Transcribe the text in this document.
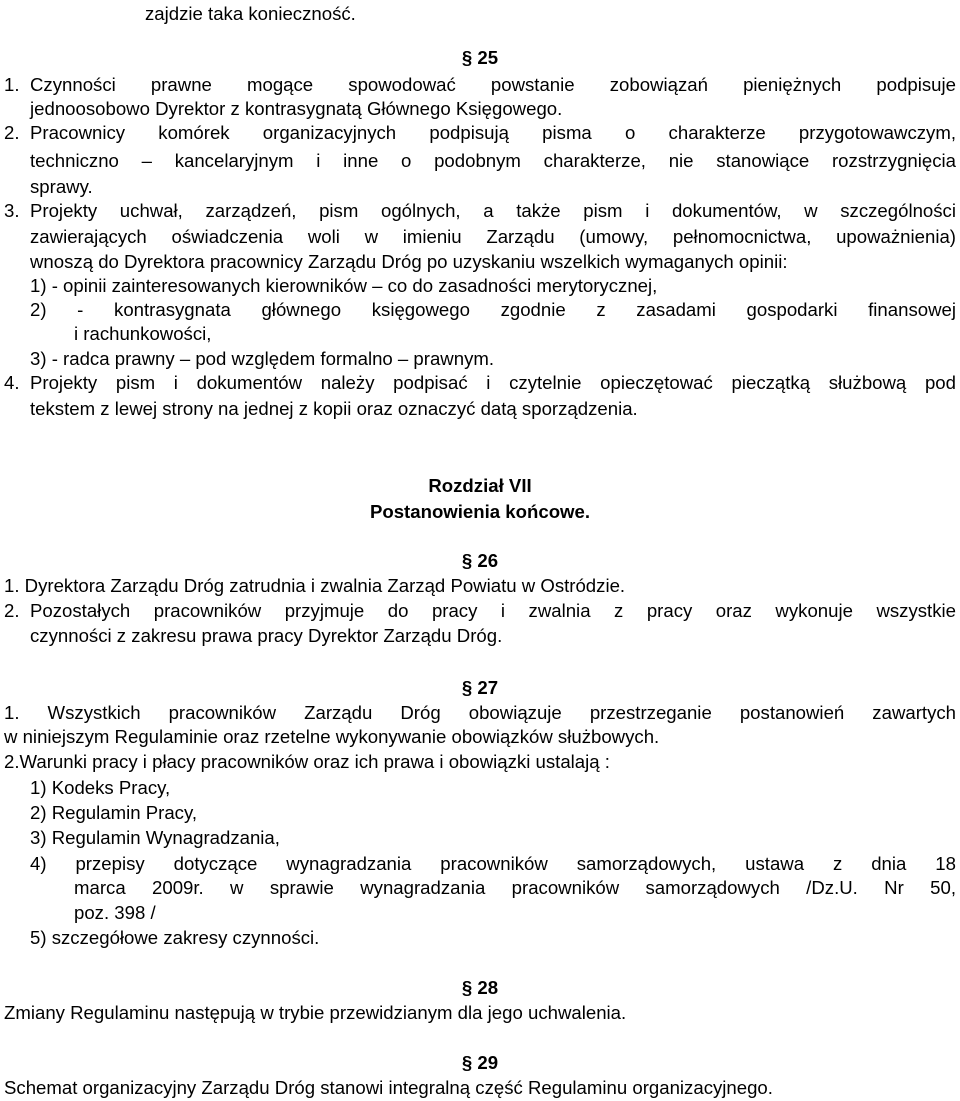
zajdzie taka konieczność.
§ 25
1. Czynności prawne mogące spowodować powstanie zobowiązań pieniężnych podpisuje
jednoosobowo Dyrektor z kontrasygnatą Głównego Księgowego.
2. Pracownicy komórek organizacyjnych podpisują pisma o charakterze przygotowawczym,
techniczno – kancelaryjnym i inne o podobnym charakterze, nie stanowiące rozstrzygnięcia
sprawy.
3. Projekty uchwał, zarządzeń, pism ogólnych, a także pism i dokumentów, w szczególności
zawierających oświadczenia woli w imieniu Zarządu (umowy, pełnomocnictwa, upoważnienia)
wnoszą do Dyrektora pracownicy Zarządu Dróg po uzyskaniu wszelkich wymaganych opinii:
1) - opinii zainteresowanych kierowników – co do zasadności merytorycznej,
2) - kontrasygnata głównego księgowego zgodnie z zasadami gospodarki finansowej
i rachunkowości,
3) - radca prawny – pod względem formalno – prawnym.
4. Projekty pism i dokumentów należy podpisać i czytelnie opieczętować pieczątką służbową pod
tekstem z lewej strony na jednej z kopii oraz oznaczyć datą sporządzenia.
Rozdział VII
Postanowienia końcowe.
§ 26
1. Dyrektora Zarządu Dróg zatrudnia i zwalnia Zarząd Powiatu w Ostródzie.
2. Pozostałych pracowników przyjmuje do pracy i zwalnia z pracy oraz wykonuje wszystkie
czynności z zakresu prawa pracy Dyrektor Zarządu Dróg.
§ 27
1. Wszystkich pracowników Zarządu Dróg obowiązuje przestrzeganie postanowień zawartych
w niniejszym Regulaminie oraz rzetelne wykonywanie obowiązków służbowych.
2.Warunki pracy i płacy pracowników oraz ich prawa i obowiązki ustalają :
1) Kodeks Pracy,
2) Regulamin Pracy,
3) Regulamin Wynagradzania,
4) przepisy dotyczące wynagradzania pracowników samorządowych, ustawa z dnia 18
marca 2009r. w sprawie wynagradzania pracowników samorządowych /Dz.U. Nr 50,
poz. 398 /
5) szczegółowe zakresy czynności.
§ 28
Zmiany Regulaminu następują w trybie przewidzianym dla jego uchwalenia.
§ 29
Schemat organizacyjny Zarządu Dróg stanowi integralną część Regulaminu organizacyjnego.
